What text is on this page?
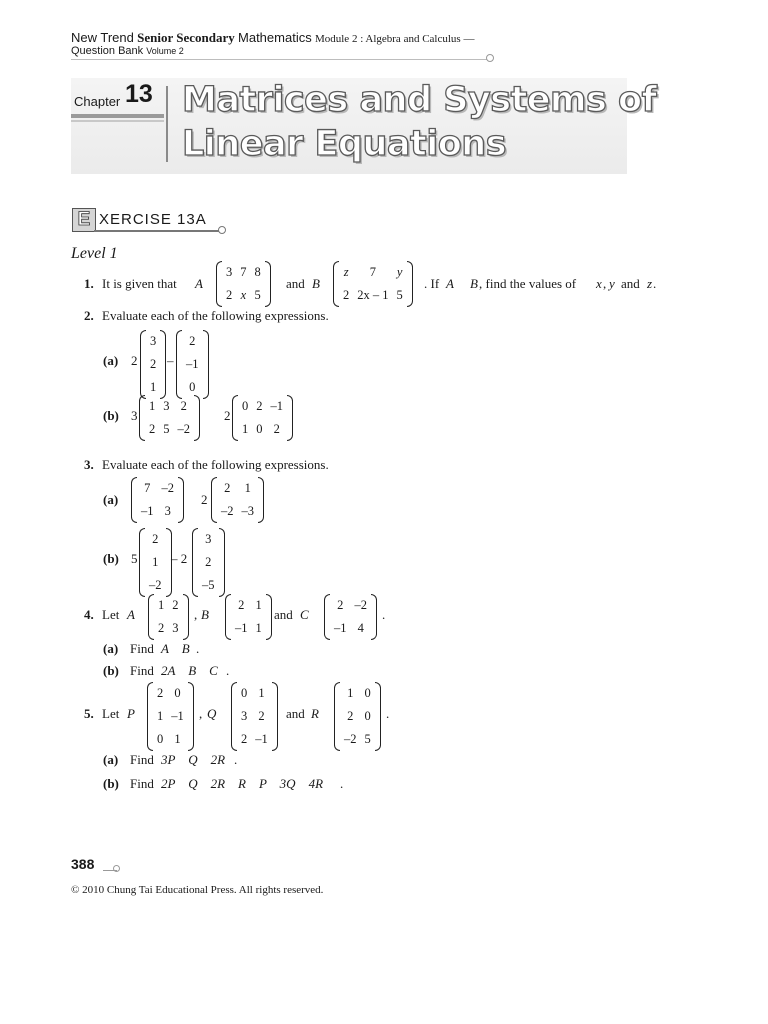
New Trend Senior Secondary Mathematics Module 2 : Algebra and Calculus —
Question Bank Volume 2
Chapter 13 Matrices and Systems of
Linear Equations
E XERCISE 13A
Level 1
1. It is given that A
3	7	8
2	x	5
and B
z	7	y
2	2x – 1	5
. If A B , find the values of x , y and z .
2. Evaluate each of the following expressions.
(a) 2
3
2
1
–
2
–1
0
(b) 3
1	3	2
2	5	–2
2
0	2	–1
1	0	2
3. Evaluate each of the following expressions.
(a)
7	–2
–1	3
2
2	1
–2	–3
(b) 5
2
1
–2
– 2
3
2
–5
4. Let A
1	2
2	3
, B
2	1
–1	1
and C
2	–2
–1	4
.
(a) Find A    B .
(b) Find 2A    B    C .
5. Let P
2	0
1	–1
0	1
, Q
0	1
3	2
2	–1
and R
1	0
2	0
–2	5
.
(a) Find 3P    Q    2R .
(b) Find 2P    Q    2R    R    P    3Q    4R .
388
© 2010 Chung Tai Educational Press. All rights reserved.
